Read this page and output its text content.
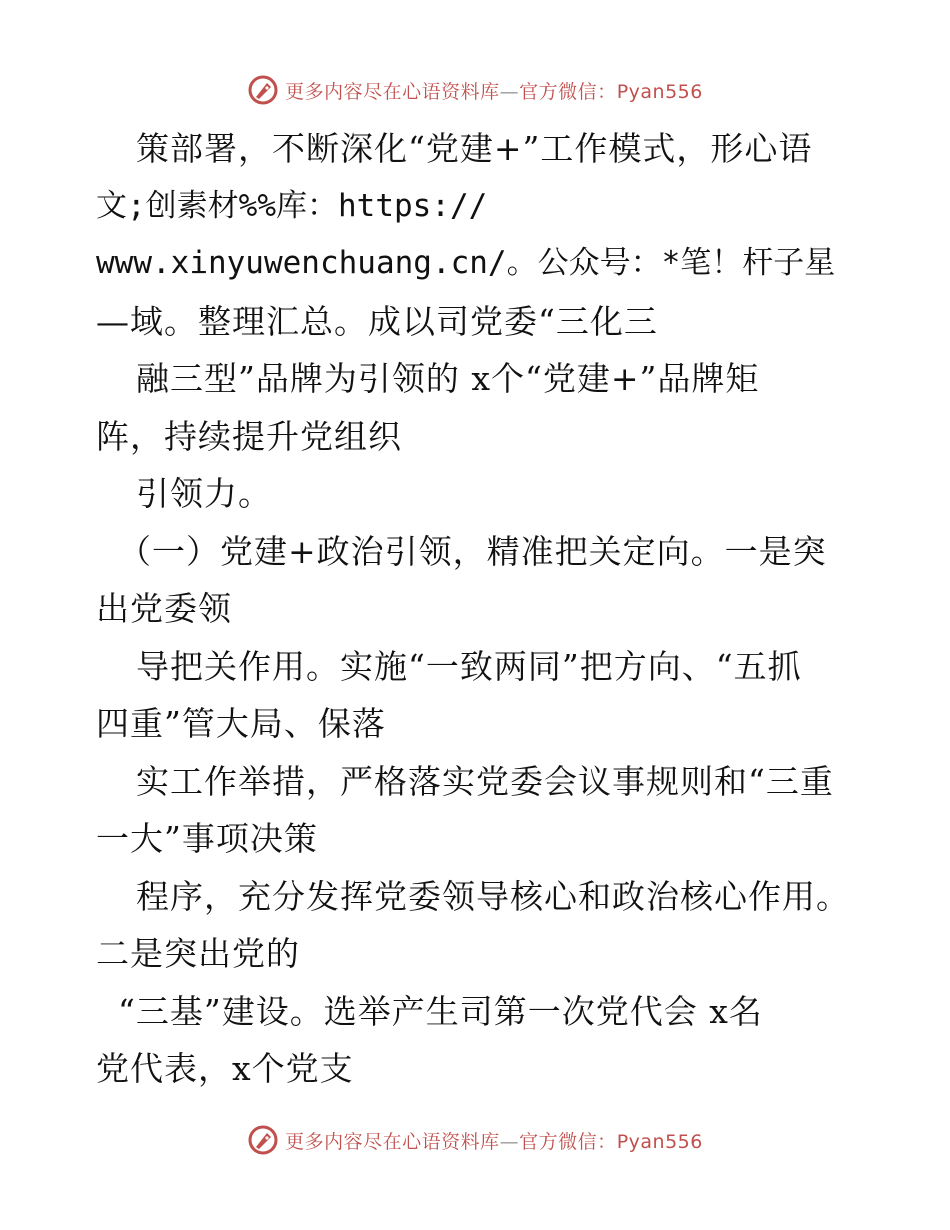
更多内容尽在心语资料库—官方微信：Pyan556
策部署，不断深化“党建+”工作模式，形心语
文;创素材%%库：https://
www.xinyuwenchuang.cn/。公众号：*笔！杆子星
—域。整理汇总。成以司党委“三化三
融三型”品牌为引领的 x个“党建+”品牌矩
阵，持续提升党组织
引领力。
（一）党建+政治引领，精准把关定向。一是突
出党委领
导把关作用。实施“一致两同”把方向、“五抓
四重”管大局、保落
实工作举措，严格落实党委会议事规则和“三重
一大”事项决策
程序，充分发挥党委领导核心和政治核心作用。
二是突出党的
“三基”建设。选举产生司第一次党代会 x名
党代表，x个党支
更多内容尽在心语资料库—官方微信：Pyan556
